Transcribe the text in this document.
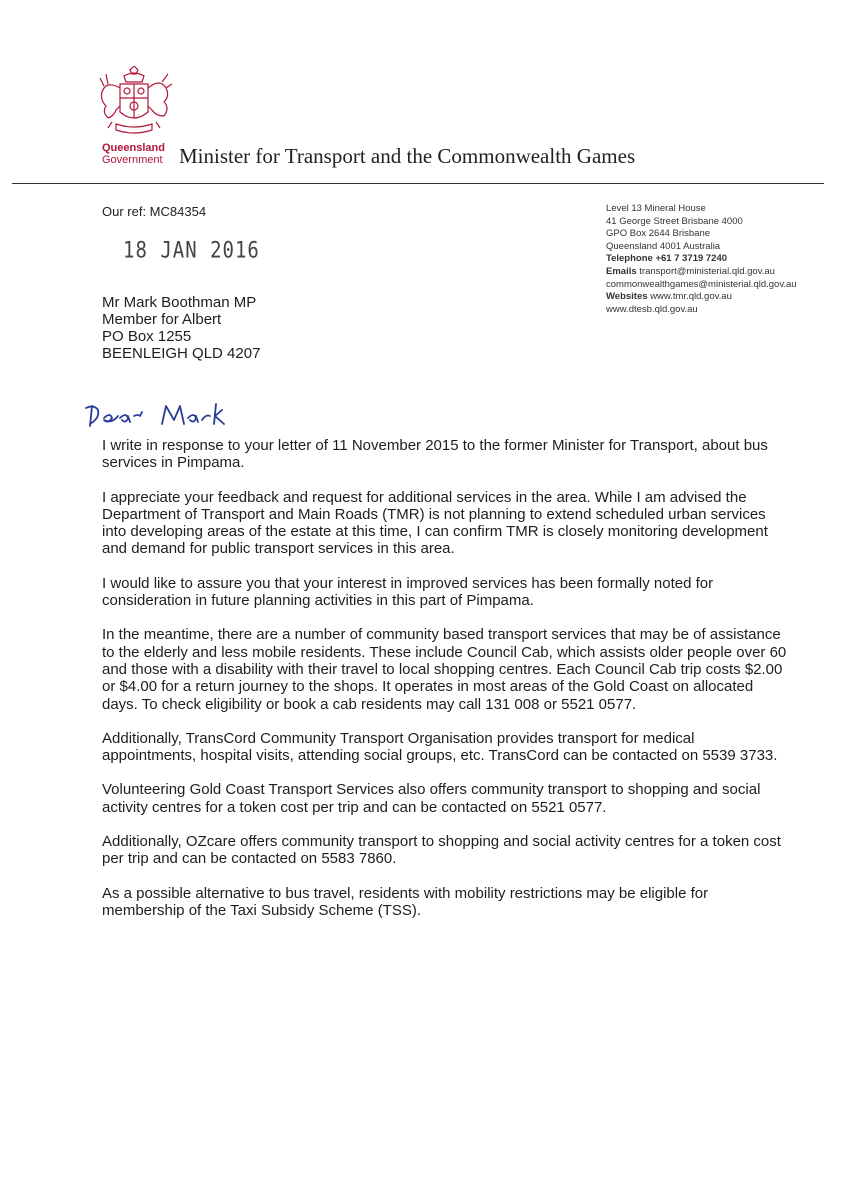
Queensland
Government Minister for Transport and the Commonwealth Games
Our ref: MC84354
18 JAN 2016
Mr Mark Boothman MP
Member for Albert
PO Box 1255
BEENLEIGH QLD 4207
Level 13 Mineral House
41 George Street Brisbane 4000
GPO Box 2644 Brisbane
Queensland 4001 Australia
Telephone +61 7 3719 7240
Emails transport@ministerial.qld.gov.au
commonwealthgames@ministerial.qld.gov.au
Websites www.tmr.qld.gov.au
www.dtesb.qld.gov.au

I write in response to your letter of 11 November 2015 to the former Minister for Transport, about bus services in Pimpama.

I appreciate your feedback and request for additional services in the area. While I am advised the Department of Transport and Main Roads (TMR) is not planning to extend scheduled urban services into developing areas of the estate at this time, I can confirm TMR is closely monitoring development and demand for public transport services in this area.

I would like to assure you that your interest in improved services has been formally noted for consideration in future planning activities in this part of Pimpama.

In the meantime, there are a number of community based transport services that may be of assistance to the elderly and less mobile residents. These include Council Cab, which assists older people over 60 and those with a disability with their travel to local shopping centres. Each Council Cab trip costs $2.00 or $4.00 for a return journey to the shops. It operates in most areas of the Gold Coast on allocated days. To check eligibility or book a cab residents may call 131 008 or 5521 0577.

Additionally, TransCord Community Transport Organisation provides transport for medical appointments, hospital visits, attending social groups, etc. TransCord can be contacted on 5539 3733.

Volunteering Gold Coast Transport Services also offers community transport to shopping and social activity centres for a token cost per trip and can be contacted on 5521 0577.

Additionally, OZcare offers community transport to shopping and social activity centres for a token cost per trip and can be contacted on 5583 7860.

As a possible alternative to bus travel, residents with mobility restrictions may be eligible for membership of the Taxi Subsidy Scheme (TSS).
